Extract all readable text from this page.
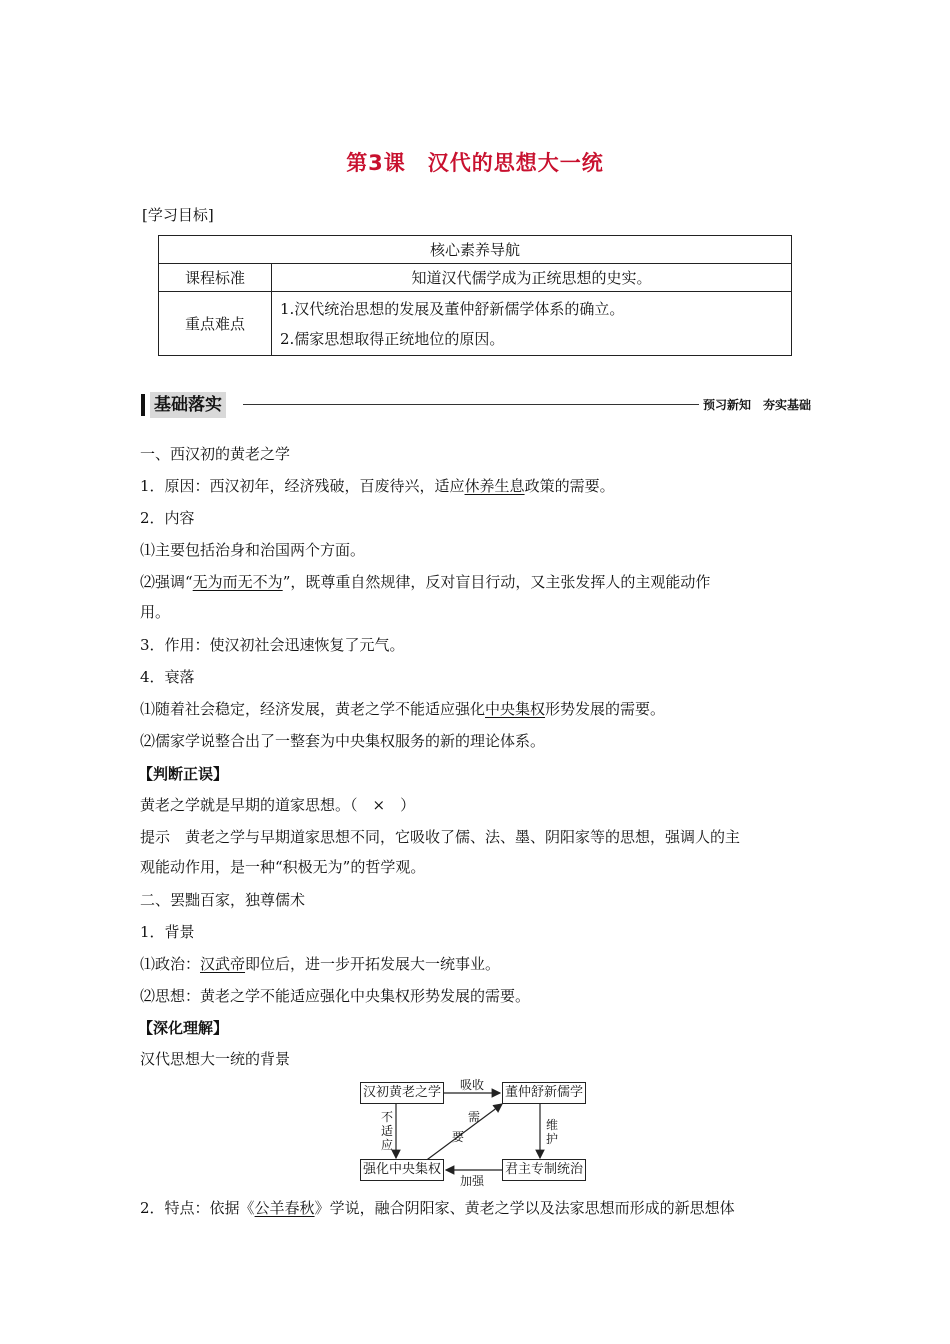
第3课　汉代的思想大一统
[学习目标]
核心素养导航	
课程标准	知道汉代儒学成为正统思想的史实。
重点难点	1.汉代统治思想的发展及董仲舒新儒学体系的确立。
2.儒家思想取得正统地位的原因。
基础落实	预习新知　夯实基础
一、西汉初的黄老之学
1．原因：西汉初年，经济残破，百废待兴，适应休养生息政策的需要。
2．内容
⑴主要包括治身和治国两个方面。
⑵强调“无为而无不为”，既尊重自然规律，反对盲目行动，又主张发挥人的主观能动作
用。
3．作用：使汉初社会迅速恢复了元气。
4．衰落
⑴随着社会稳定，经济发展，黄老之学不能适应强化中央集权形势发展的需要。
⑵儒家学说整合出了一整套为中央集权服务的新的理论体系。
【判断正误】
黄老之学就是早期的道家思想。（　×　）
提示　黄老之学与早期道家思想不同，它吸收了儒、法、墨、阴阳家等的思想，强调人的主
观能动作用，是一种“积极无为”的哲学观。
二、罢黜百家，独尊儒术
1．背景
⑴政治：汉武帝即位后，进一步开拓发展大一统事业。
⑵思想：黄老之学不能适应强化中央集权形势发展的需要。
【深化理解】
汉代思想大一统的背景
汉初黄老之学	董仲舒新儒学
强化中央集权	君主专制统治
吸收
不适应
需
要
维护
加强
2．特点：依据《公羊春秋》学说，融合阴阳家、黄老之学以及法家思想而形成的新思想体
